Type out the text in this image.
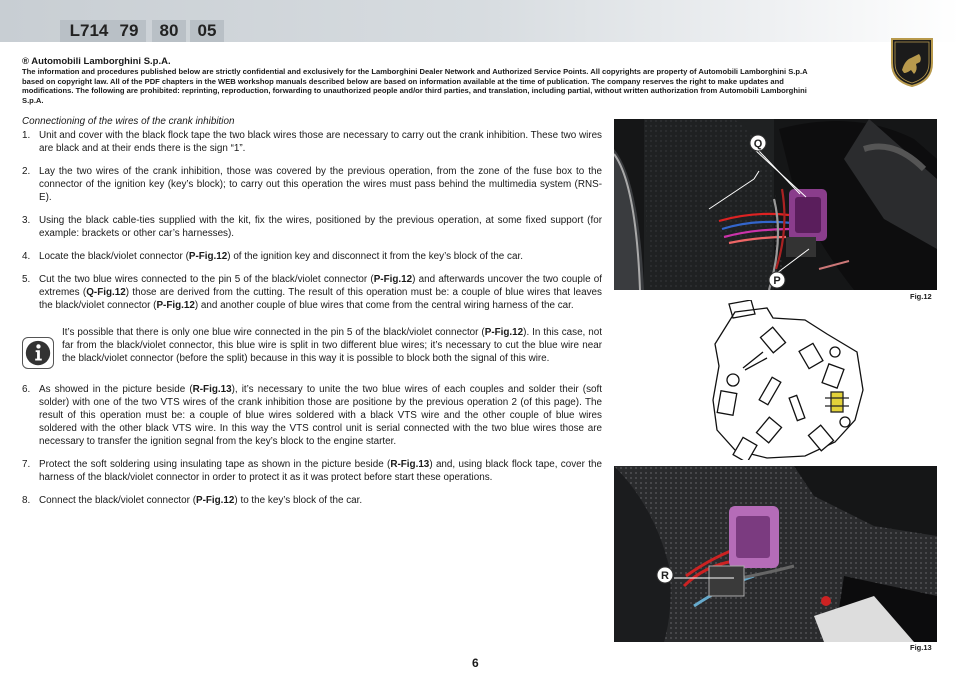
L714 79	80	05
® Automobili Lamborghini S.p.A.
The information and procedures published below are strictly confidential and exclusively for the Lamborghini Dealer Network and Authorized Service Points. All copyrights are property of Automobili Lamborghini S.p.A based on copyright law. All of the PDF chapters in the WEB workshop manuals described below are based on information available at the time of publication. The company reserves the right to make updates and modifications. The following are prohibited: reprinting, reproduction, forwarding to unauthorized people and/or third parties, and translation, including partial, without written authorization from Automobili Lamborghini S.p.A.
Connectioning of the wires of the crank inhibition
1. Unit and cover with the black flock tape the two black wires those are necessary to carry out the crank inhibition. These two wires are black and at their ends there is the sign “1”.
2. Lay the two wires of the crank inhibition, those was covered by the previous operation, from the zone of the fuse box to the connector of the ignition key (key’s block); to carry out this operation the wires must pass behind the multimedia system (RNS-E).
3. Using the black cable-ties supplied with the kit, fix the wires, positioned by the previous operation, at some fixed support (for example: brackets or other car’s harnesses).
4. Locate the black/violet connector (P-Fig.12) of the ignition key and disconnect it from the key’s block of the car.
5. Cut the two blue wires connected to the pin 5 of the black/violet connector (P-Fig.12) and afterwards uncover the two couple of extremes (Q-Fig.12) those are derived from the cutting. The result of this operation must be: a couple of blue wires that leaves the black/violet connector (P-Fig.12) and another couple of blue wires that come from the central wiring harness of the car.
It’s possible that there is only one blue wire connected in the pin 5 of the black/violet connector (P-Fig.12). In this case, not far from the black/violet connector, this blue wire is split in two different blue wires; it’s necessary to cut the blue wire near the black/violet connector (before the split) because in this way it is possible to block both the signal of this wire.
6. As showed in the picture beside (R-Fig.13), it’s necessary to unite the two blue wires of each couples and solder their (soft solder) with one of the two VTS wires of the crank inhibition those are positione by the previous operation 2 (of this page). The result of this operation must be: a couple of blue wires soldered with a black VTS wire and the other couple of blue wires soldered with the other black VTS wire. In this way the VTS control unit is serial connected with the two blue wires those are necessary to transfer the ignition segnal from the key’s block to the engine starter.
7. Protect the soft soldering using insulating tape as shown in the picture beside (R-Fig.13) and, using black flock tape, cover the harness of the black/violet connector in order to protect it as it was protect before start these operations.
8. Connect the black/violet connector (P-Fig.12) to the key’s block of the car.
Q
P
Fig.12
R
Fig.13
6
